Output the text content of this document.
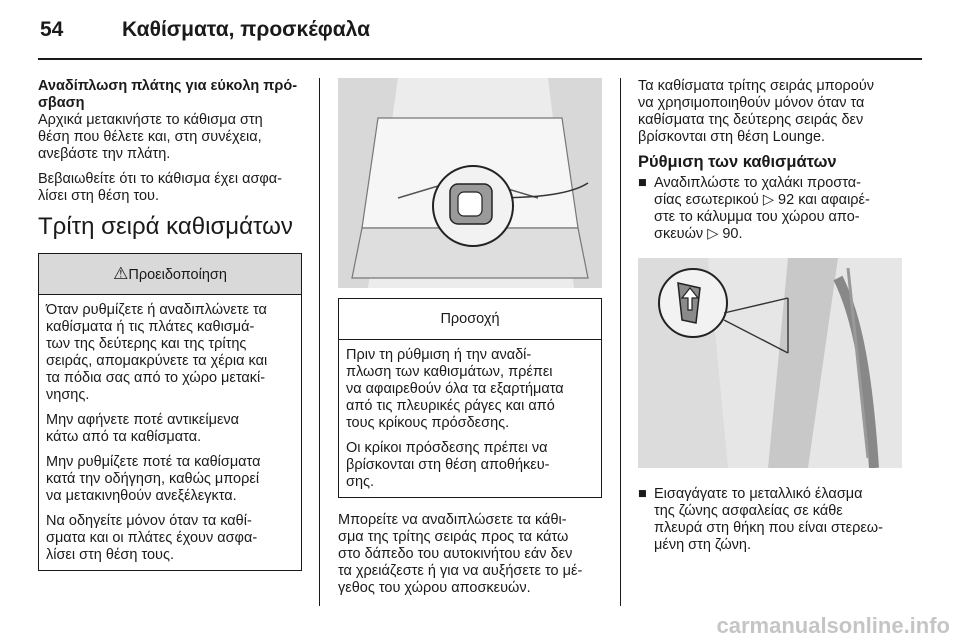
54	Καθίσματα, προσκέφαλα
Αναδίπλωση πλάτης για εύκολη πρό-
σβαση

Αρχικά μετακινήστε το κάθισμα στη
θέση που θέλετε και, στη συνέχεια,
ανεβάστε την πλάτη.

Βεβαιωθείτε ότι το κάθισμα έχει ασφα-
λίσει στη θέση του.

Τρίτη σειρά καθισμάτων
⚠Προειδοποίηση

Όταν ρυθμίζετε ή αναδιπλώνετε τα
καθίσματα ή τις πλάτες καθισμά-
των της δεύτερης και της τρίτης
σειράς, απομακρύνετε τα χέρια και
τα πόδια σας από το χώρο μετακί-
νησης.

Μην αφήνετε ποτέ αντικείμενα
κάτω από τα καθίσματα.

Μην ρυθμίζετε ποτέ τα καθίσματα
κατά την οδήγηση, καθώς μπορεί
να μετακινηθούν ανεξέλεγκτα.

Να οδηγείτε μόνον όταν τα καθί-
σματα και οι πλάτες έχουν ασφα-
λίσει στη θέση τους.

Προσοχή

Πριν τη ρύθμιση ή την αναδί-
πλωση των καθισμάτων, πρέπει
να αφαιρεθούν όλα τα εξαρτήματα
από τις πλευρικές ράγες και από
τους κρίκους πρόσδεσης.

Οι κρίκοι πρόσδεσης πρέπει να
βρίσκονται στη θέση αποθήκευ-
σης.

Μπορείτε να αναδιπλώσετε τα κάθι-
σμα της τρίτης σειράς προς τα κάτω
στο δάπεδο του αυτοκινήτου εάν δεν
τα χρειάζεστε ή για να αυξήσετε το μέ-
γεθος του χώρου αποσκευών.

Τα καθίσματα τρίτης σειράς μπορούν
να χρησιμοποιηθούν μόνον όταν τα
καθίσματα της δεύτερης σειράς δεν
βρίσκονται στη θέση Lounge.

Ρύθμιση των καθισμάτων
■ Αναδιπλώστε το χαλάκι προστα-
σίας εσωτερικού ▷ 92 και αφαιρέ-
στε το κάλυμμα του χώρου απο-
σκευών ▷ 90.
■ Εισαγάγατε το μεταλλικό έλασμα
της ζώνης ασφαλείας σε κάθε
πλευρά στη θήκη που είναι στερεω-
μένη στη ζώνη.
carmanualsonline.info
